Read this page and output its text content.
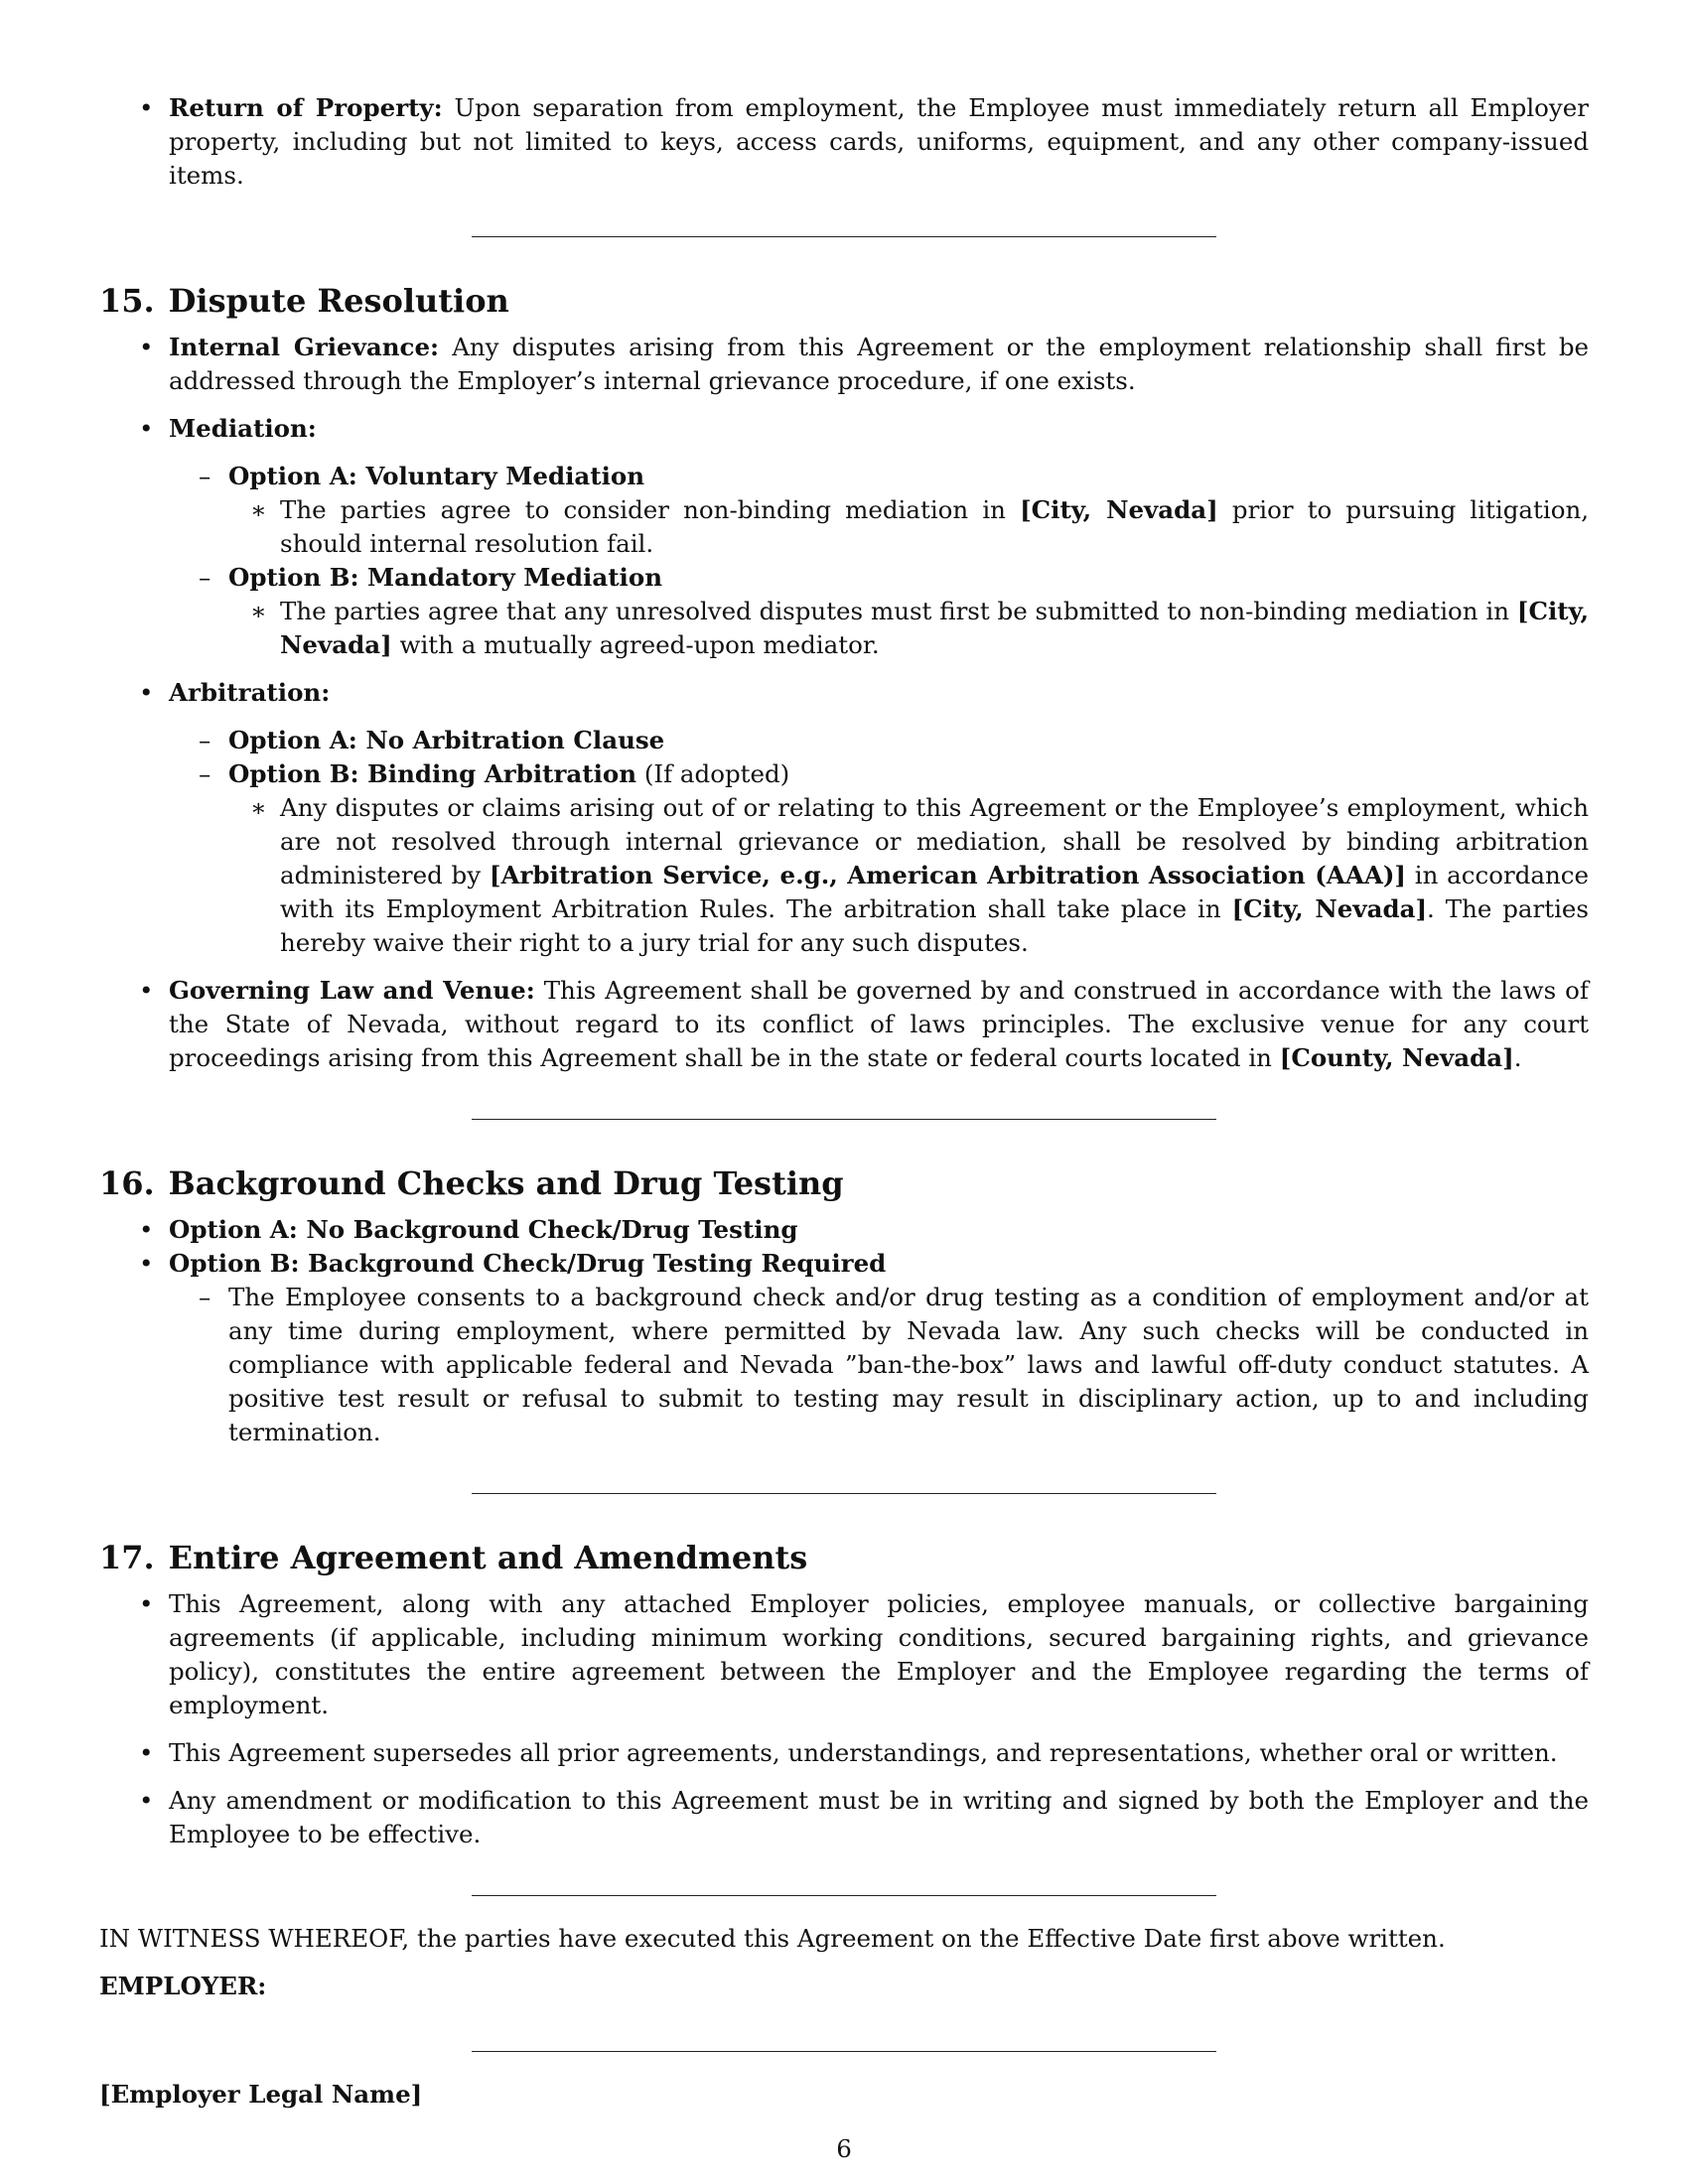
• Return of Property: Upon separation from employment, the Employee must immediately return all Employer property, including but not limited to keys, access cards, uniforms, equipment, and any other company-issued items.
15. Dispute Resolution
• Internal Grievance: Any disputes arising from this Agreement or the employment relationship shall first be addressed through the Employer’s internal grievance procedure, if one exists.
• Mediation:
– Option A: Voluntary Mediation
∗ The parties agree to consider non-binding mediation in [City, Nevada] prior to pursuing litigation, should internal resolution fail.
– Option B: Mandatory Mediation
∗ The parties agree that any unresolved disputes must first be submitted to non-binding mediation in [City, Nevada] with a mutually agreed-upon mediator.
• Arbitration:
– Option A: No Arbitration Clause
– Option B: Binding Arbitration (If adopted)
∗ Any disputes or claims arising out of or relating to this Agreement or the Employee’s employment, which are not resolved through internal grievance or mediation, shall be resolved by binding arbitration administered by [Arbitration Service, e.g., American Arbitration Association (AAA)] in accordance with its Employment Arbitration Rules. The arbitration shall take place in [City, Nevada]. The parties hereby waive their right to a jury trial for any such disputes.
• Governing Law and Venue: This Agreement shall be governed by and construed in accordance with the laws of the State of Nevada, without regard to its conflict of laws principles. The exclusive venue for any court proceedings arising from this Agreement shall be in the state or federal courts located in [County, Nevada].
16. Background Checks and Drug Testing
• Option A: No Background Check/Drug Testing
• Option B: Background Check/Drug Testing Required
– The Employee consents to a background check and/or drug testing as a condition of employment and/or at any time during employment, where permitted by Nevada law. Any such checks will be conducted in compliance with applicable federal and Nevada ”ban-the-box” laws and lawful off-duty conduct statutes. A positive test result or refusal to submit to testing may result in disciplinary action, up to and including termination.
17. Entire Agreement and Amendments
• This Agreement, along with any attached Employer policies, employee manuals, or collective bargaining agreements (if applicable, including minimum working conditions, secured bargaining rights, and grievance policy), constitutes the entire agreement between the Employer and the Employee regarding the terms of employment.
• This Agreement supersedes all prior agreements, understandings, and representations, whether oral or written.
• Any amendment or modification to this Agreement must be in writing and signed by both the Employer and the Employee to be effective.

IN WITNESS WHEREOF, the parties have executed this Agreement on the Effective Date first above written.

EMPLOYER:

[Employer Legal Name]

6
